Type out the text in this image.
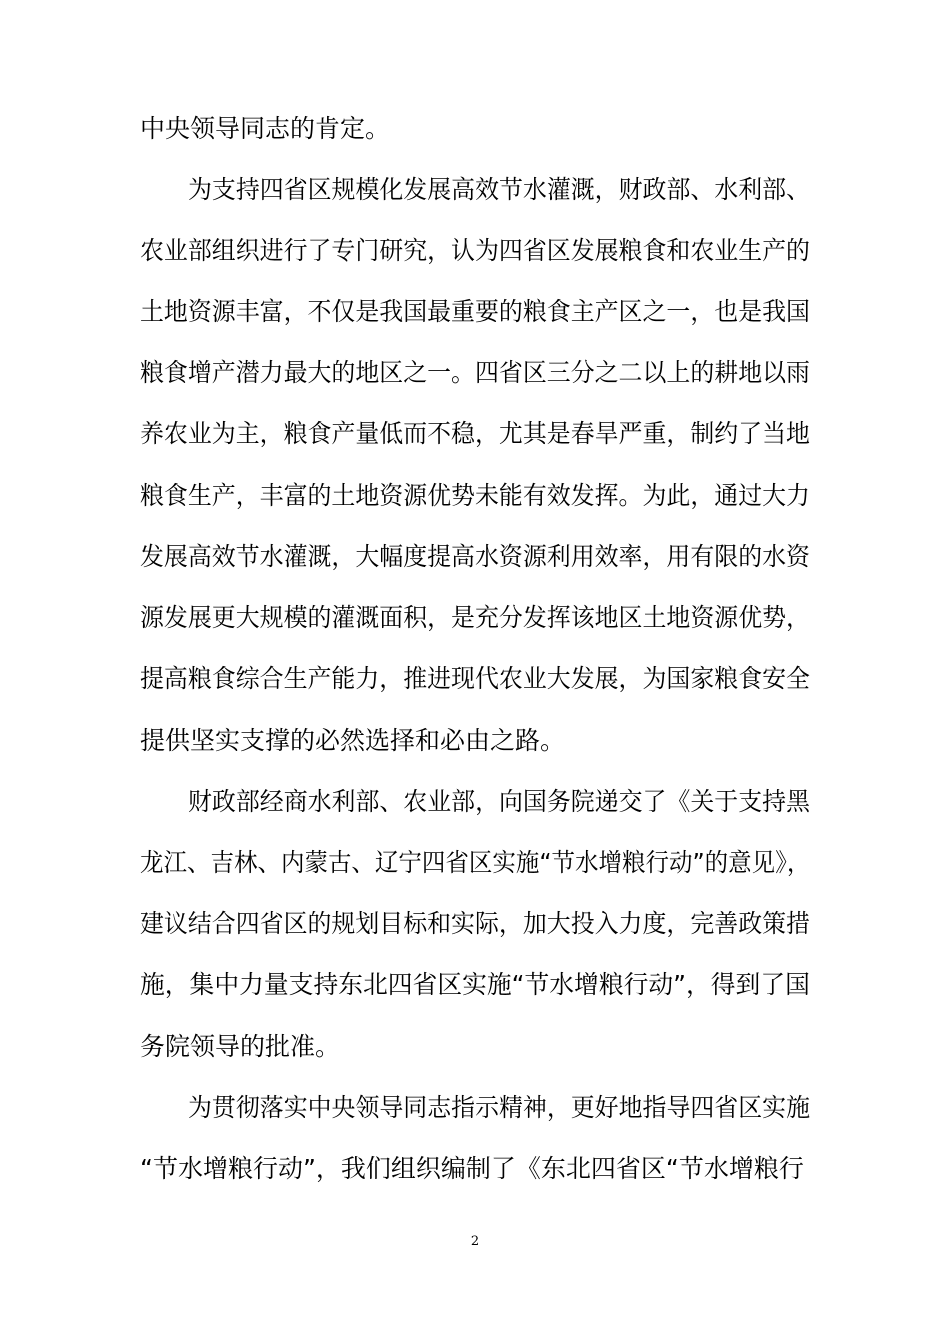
中央领导同志的肯定。
为支持四省区规模化发展高效节水灌溉，财政部、水利部、
农业部组织进行了专门研究，认为四省区发展粮食和农业生产的
土地资源丰富，不仅是我国最重要的粮食主产区之一，也是我国
粮食增产潜力最大的地区之一。四省区三分之二以上的耕地以雨
养农业为主，粮食产量低而不稳，尤其是春旱严重，制约了当地
粮食生产，丰富的土地资源优势未能有效发挥。为此，通过大力
发展高效节水灌溉，大幅度提高水资源利用效率，用有限的水资
源发展更大规模的灌溉面积，是充分发挥该地区土地资源优势，
提高粮食综合生产能力，推进现代农业大发展，为国家粮食安全
提供坚实支撑的必然选择和必由之路。
财政部经商水利部、农业部，向国务院递交了《关于支持黑
龙江、吉林、内蒙古、辽宁四省区实施“节水增粮行动”的意见》，
建议结合四省区的规划目标和实际，加大投入力度，完善政策措
施，集中力量支持东北四省区实施“节水增粮行动”，得到了国
务院领导的批准。
为贯彻落实中央领导同志指示精神，更好地指导四省区实施
“节水增粮行动”，我们组织编制了《东北四省区“节水增粮行
2
